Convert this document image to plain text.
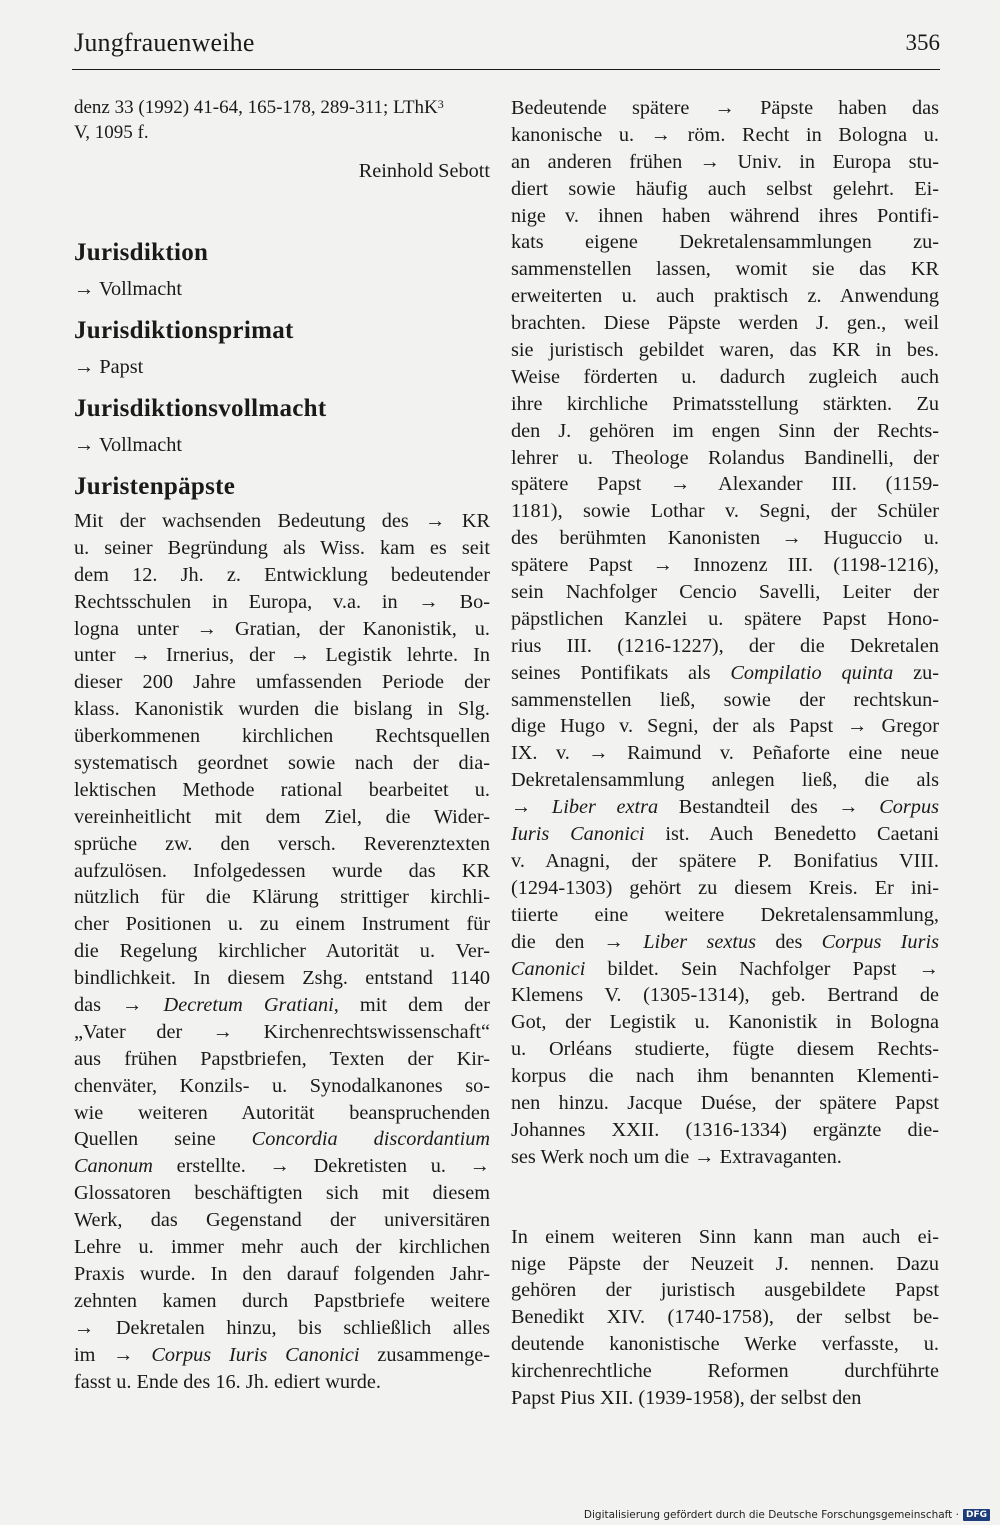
Jungfrauenweihe	356
denz 33 (1992) 41-64, 165-178, 289-311; LThK$^3$
V, 1095 f.
Reinhold Sebott
Jurisdiktion
→ Vollmacht
Jurisdiktionsprimat
→ Papst
Jurisdiktionsvollmacht
→ Vollmacht
Juristenpäpste
Mit der wachsenden Bedeutung des → KR
u. seiner Begründung als Wiss. kam es seit
dem 12. Jh. z. Entwicklung bedeutender
Rechtsschulen in Europa, v.a. in → Bo-
logna unter → Gratian, der Kanonistik, u.
unter → Irnerius, der → Legistik lehrte. In
dieser 200 Jahre umfassenden Periode der
klass. Kanonistik wurden die bislang in Slg.
überkommenen kirchlichen Rechtsquellen
systematisch geordnet sowie nach der dia-
lektischen Methode rational bearbeitet u.
vereinheitlicht mit dem Ziel, die Wider-
sprüche zw. den versch. Reverenztexten
aufzulösen. Infolgedessen wurde das KR
nützlich für die Klärung strittiger kirchli-
cher Positionen u. zu einem Instrument für
die Regelung kirchlicher Autorität u. Ver-
bindlichkeit. In diesem Zshg. entstand 1140
das → Decretum Gratiani, mit dem der
„Vater der → Kirchenrechtswissenschaft“
aus frühen Papstbriefen, Texten der Kir-
chenväter, Konzils- u. Synodalkanones so-
wie weiteren Autorität beanspruchenden
Quellen seine Concordia discordantium
Canonum erstellte. → Dekretisten u. →
Glossatoren beschäftigten sich mit diesem
Werk, das Gegenstand der universitären
Lehre u. immer mehr auch der kirchlichen
Praxis wurde. In den darauf folgenden Jahr-
zehnten kamen durch Papstbriefe weitere
→ Dekretalen hinzu, bis schließlich alles
im → Corpus Iuris Canonici zusammenge-
fasst u. Ende des 16. Jh. ediert wurde.
Bedeutende spätere → Päpste haben das
kanonische u. → röm. Recht in Bologna u.
an anderen frühen → Univ. in Europa stu-
diert sowie häufig auch selbst gelehrt. Ei-
nige v. ihnen haben während ihres Pontifi-
kats eigene Dekretalensammlungen zu-
sammenstellen lassen, womit sie das KR
erweiterten u. auch praktisch z. Anwendung
brachten. Diese Päpste werden J. gen., weil
sie juristisch gebildet waren, das KR in bes.
Weise förderten u. dadurch zugleich auch
ihre kirchliche Primatsstellung stärkten. Zu
den J. gehören im engen Sinn der Rechts-
lehrer u. Theologe Rolandus Bandinelli, der
spätere Papst → Alexander III. (1159-
1181), sowie Lothar v. Segni, der Schüler
des berühmten Kanonisten → Huguccio u.
spätere Papst → Innozenz III. (1198-1216),
sein Nachfolger Cencio Savelli, Leiter der
päpstlichen Kanzlei u. spätere Papst Hono-
rius III. (1216-1227), der die Dekretalen
seines Pontifikats als Compilatio quinta zu-
sammenstellen ließ, sowie der rechtskun-
dige Hugo v. Segni, der als Papst → Gregor
IX. v. → Raimund v. Peñaforte eine neue
Dekretalensammlung anlegen ließ, die als
→ Liber extra Bestandteil des → Corpus
Iuris Canonici ist. Auch Benedetto Caetani
v. Anagni, der spätere P. Bonifatius VIII.
(1294-1303) gehört zu diesem Kreis. Er ini-
tiierte eine weitere Dekretalensammlung,
die den → Liber sextus des Corpus Iuris
Canonici bildet. Sein Nachfolger Papst →
Klemens V. (1305-1314), geb. Bertrand de
Got, der Legistik u. Kanonistik in Bologna
u. Orléans studierte, fügte diesem Rechts-
korpus die nach ihm benannten Klementi-
nen hinzu. Jacque Duése, der spätere Papst
Johannes XXII. (1316-1334) ergänzte die-
ses Werk noch um die → Extravaganten.
In einem weiteren Sinn kann man auch ei-
nige Päpste der Neuzeit J. nennen. Dazu
gehören der juristisch ausgebildete Papst
Benedikt XIV. (1740-1758), der selbst be-
deutende kanonistische Werke verfasste, u.
kirchenrechtliche Reformen durchführte
Papst Pius XII. (1939-1958), der selbst den
Digitalisierung gefördert durch die Deutsche Forschungsgemeinschaft · DFG
